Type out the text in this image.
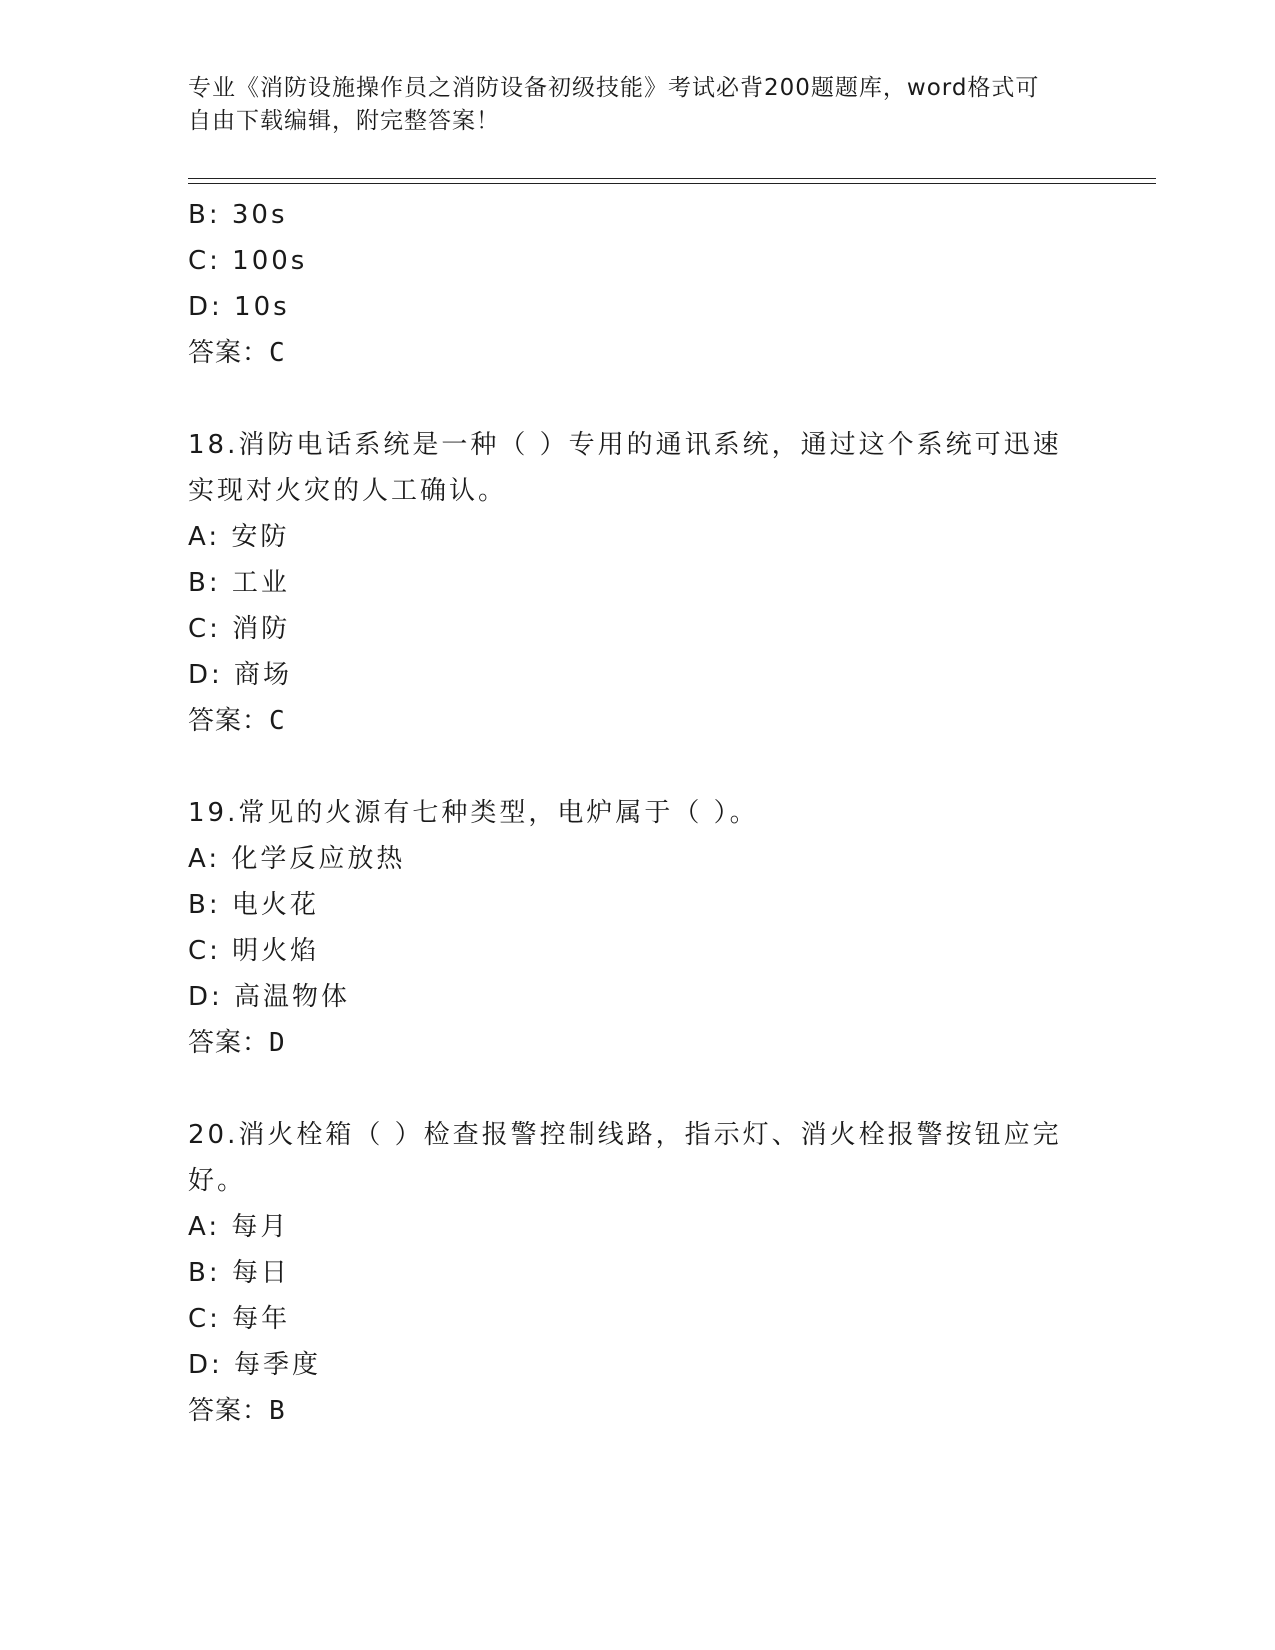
专业《消防设施操作员之消防设备初级技能》考试必背200题题库，word格式可
自由下载编辑，附完整答案！
B: 30s
C: 100s
D: 10s
答案：C
18.消防电话系统是一种（ ）专用的通讯系统，通过这个系统可迅速
实现对火灾的人工确认。
A: 安防
B: 工业
C: 消防
D: 商场
答案：C
19.常见的火源有七种类型，电炉属于（ ）。
A: 化学反应放热
B: 电火花
C: 明火焰
D: 高温物体
答案：D
20.消火栓箱（ ）检查报警控制线路，指示灯、消火栓报警按钮应完
好。
A: 每月
B: 每日
C: 每年
D: 每季度
答案：B
